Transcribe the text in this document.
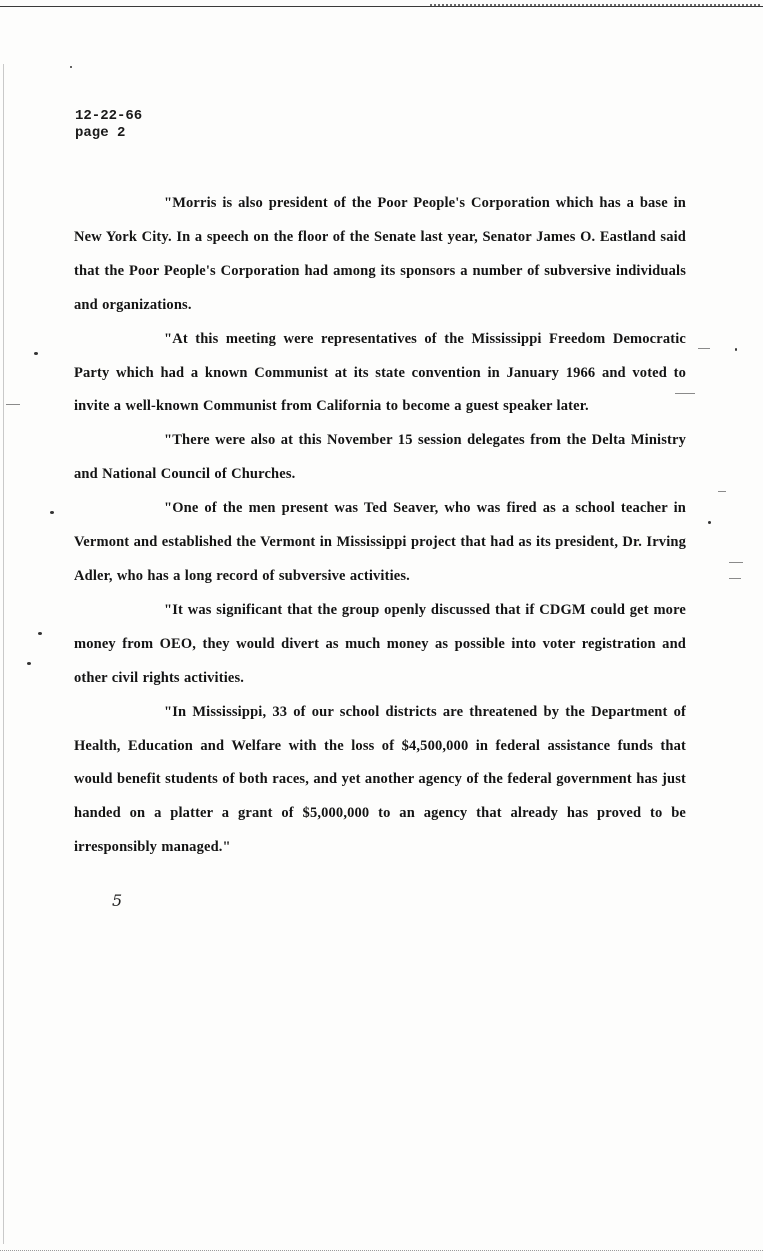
12-22-66
page 2

"Morris is also president of the Poor People's Corporation which has a base in New York City. In a speech on the floor of the Senate last year, Senator James O. Eastland said that the Poor People's Corporation had among its sponsors a number of subversive individuals and organizations.

"At this meeting were representatives of the Mississippi Freedom Democratic Party which had a known Communist at its state convention in January 1966 and voted to invite a well-known Communist from California to become a guest speaker later.

"There were also at this November 15 session delegates from the Delta Ministry and National Council of Churches.

"One of the men present was Ted Seaver, who was fired as a school teacher in Vermont and established the Vermont in Mississippi project that had as its president, Dr. Irving Adler, who has a long record of subversive activities.

"It was significant that the group openly discussed that if CDGM could get more money from OEO, they would divert as much money as possible into voter registration and other civil rights activities.

"In Mississippi, 33 of our school districts are threatened by the Department of Health, Education and Welfare with the loss of $4,500,000 in federal assistance funds that would benefit students of both races, and yet another agency of the federal government has just handed on a platter a grant of $5,000,000 to an agency that already has proved to be irresponsibly managed."

5
